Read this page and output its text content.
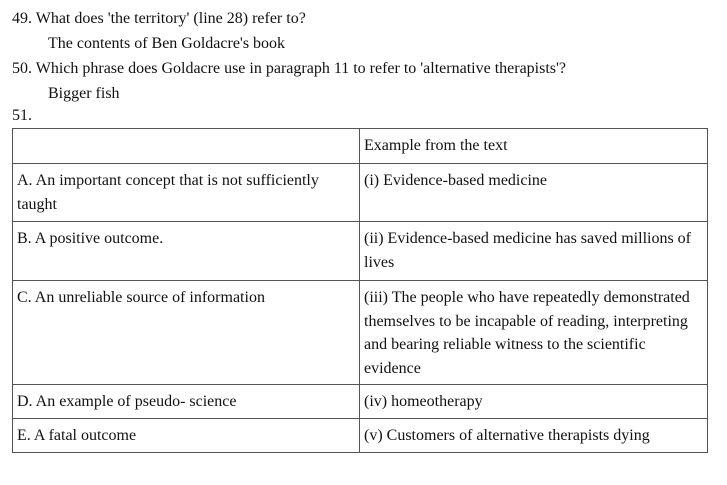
49. What does 'the territory' (line 28) refer to?
The contents of Ben Goldacre's book
50. Which phrase does Goldacre use in paragraph 11 to refer to 'alternative therapists'?
Bigger fish
51.
	Example from the text
A. An important concept that is not sufficiently taught	(i) Evidence-based medicine
B. A positive outcome.	(ii) Evidence-based medicine has saved millions of lives
C. An unreliable source of information	(iii) The people who have repeatedly demonstrated themselves to be incapable of reading, interpreting and bearing reliable witness to the scientific evidence
D. An example of pseudo- science	(iv) homeotherapy
E. A fatal outcome	(v) Customers of alternative therapists dying
